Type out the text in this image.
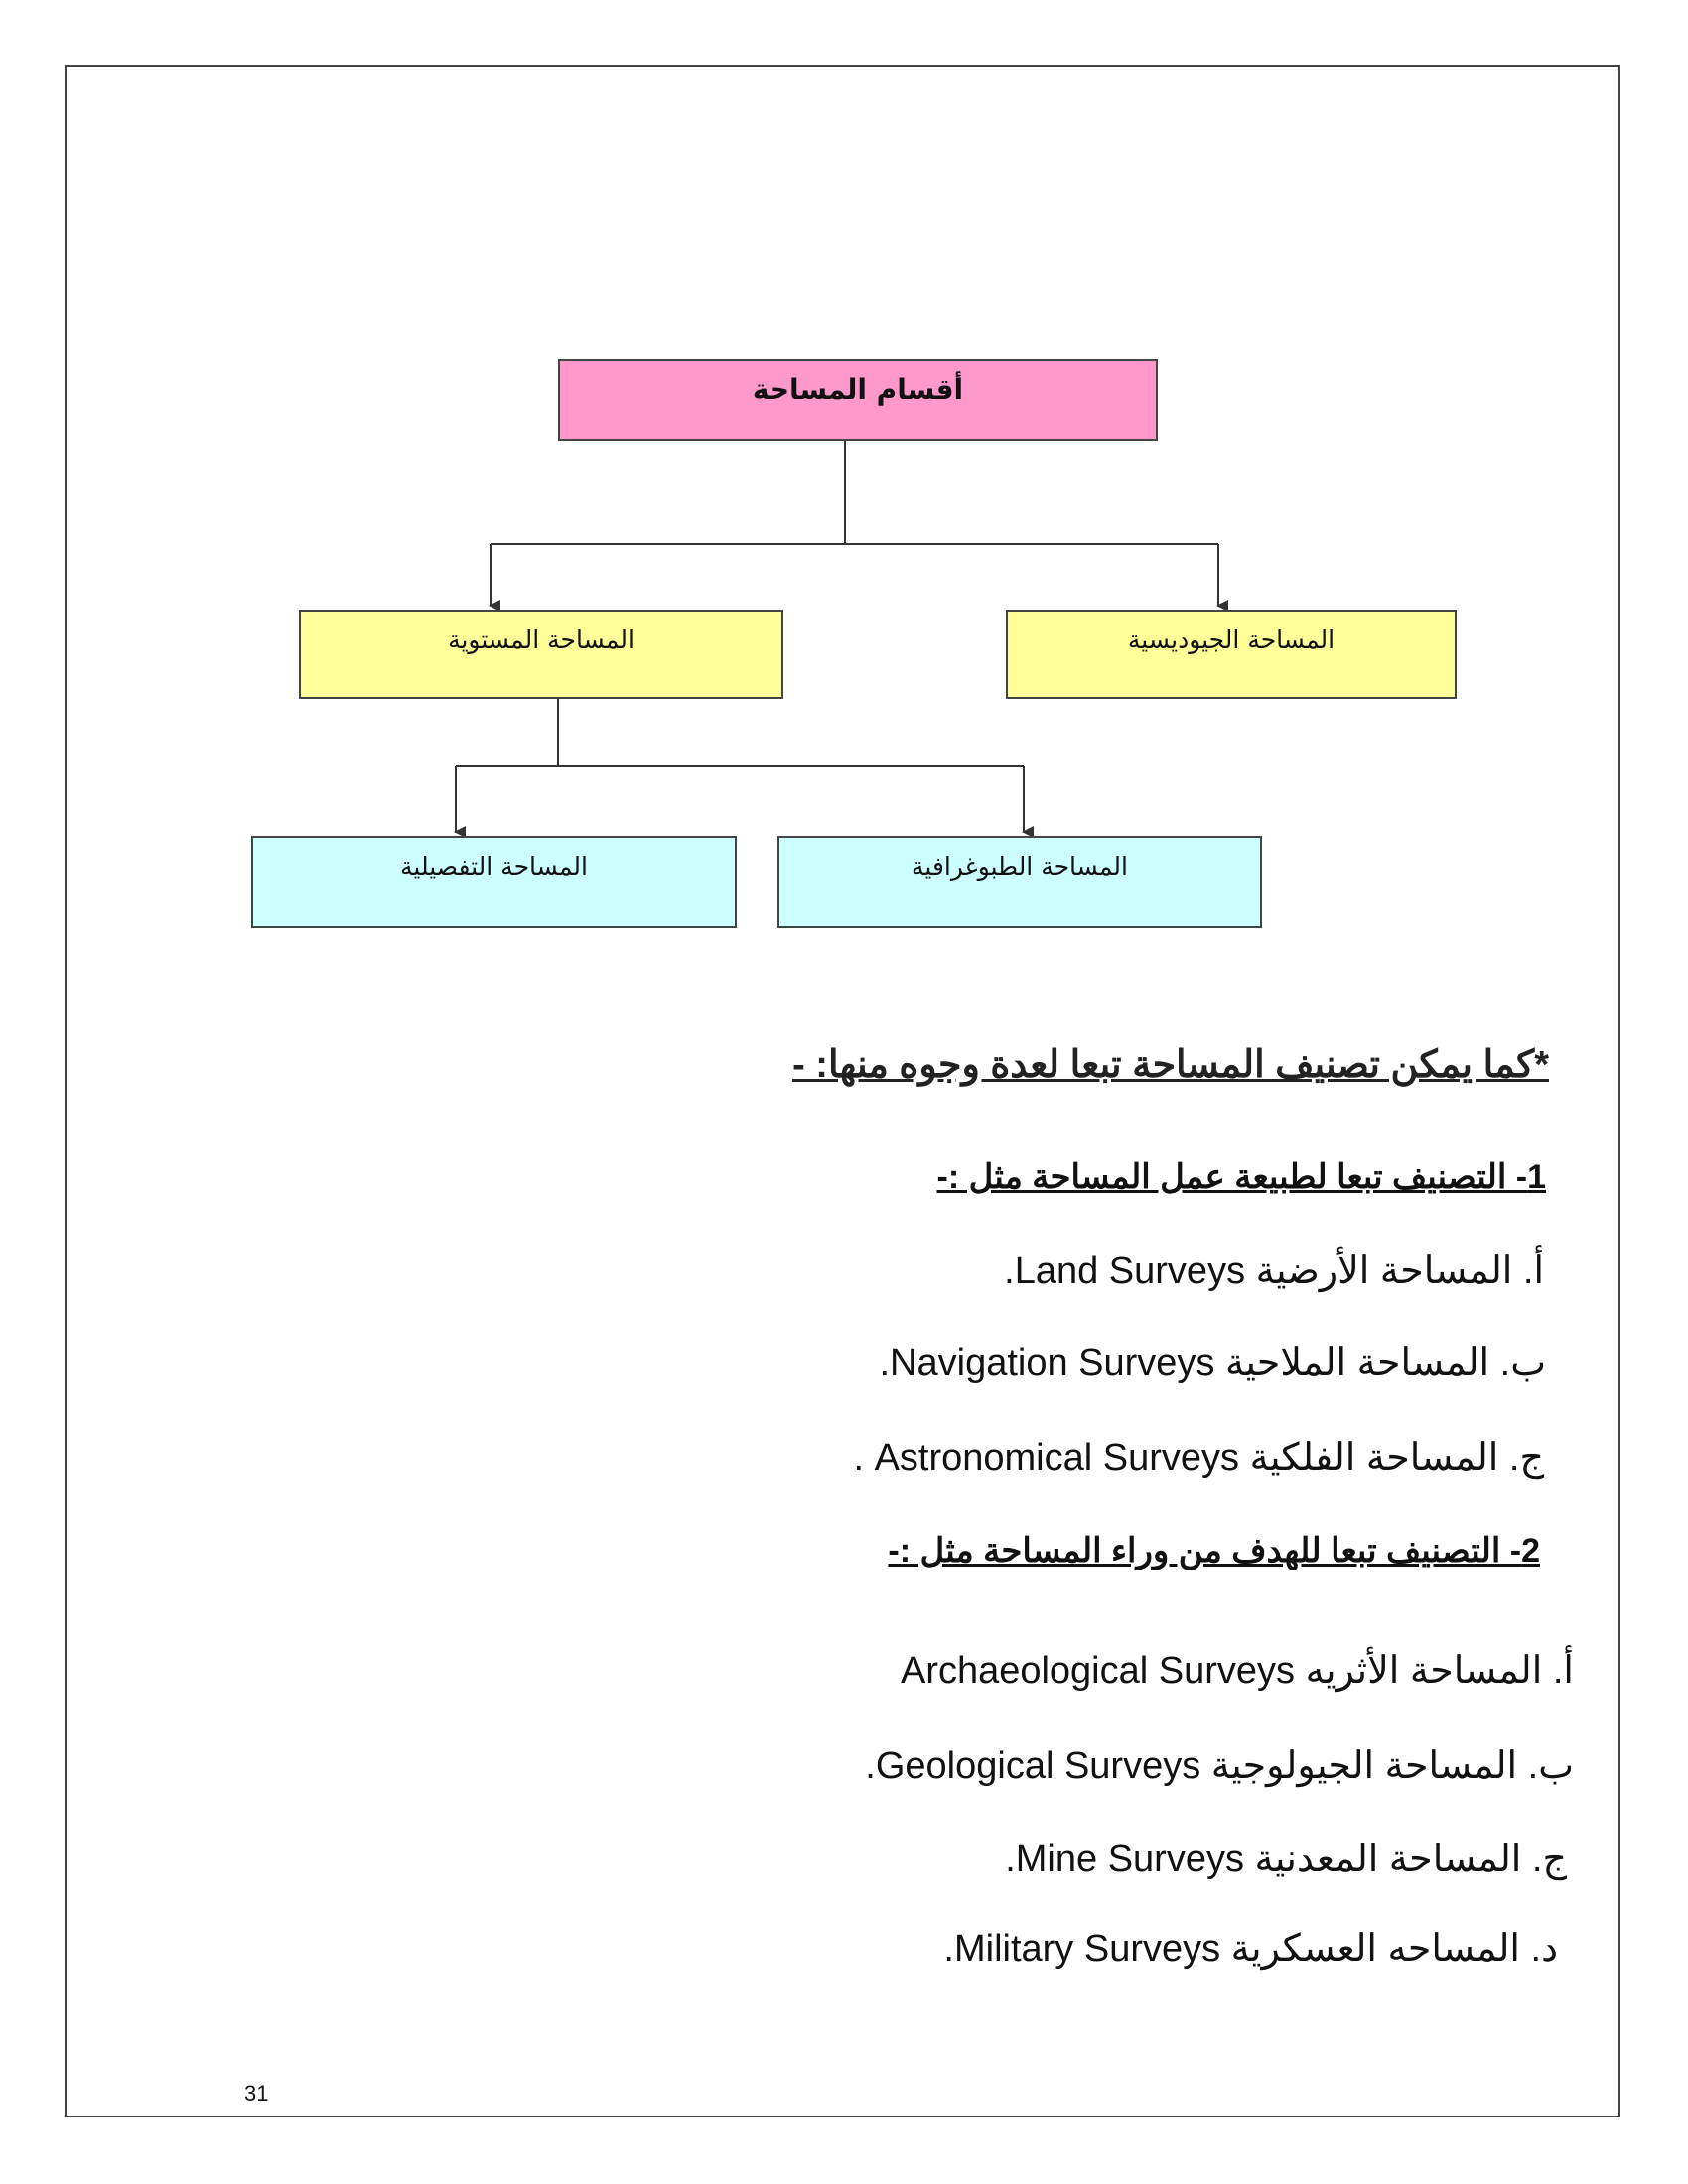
أقسام المساحة
المساحة الجيوديسية
المساحة المستوية
المساحة الطبوغرافية
المساحة التفصيلية
*كما يمكن تصنيف المساحة تبعا لعدة وجوه منها: -
1- التصنيف تبعا لطبيعة عمل المساحة مثل :-
أ. المساحة الأرضية Land Surveys.
ب. المساحة الملاحية Navigation Surveys.
ج. المساحة الفلكية Astronomical Surveys .
2- التصنيف تبعا للهدف من وراء المساحة مثل :-
أ. المساحة الأثريه Archaeological Surveys
ب. المساحة الجيولوجية Geological Surveys.
ج. المساحة المعدنية Mine Surveys.
د. المساحه العسكرية Military Surveys.
31
